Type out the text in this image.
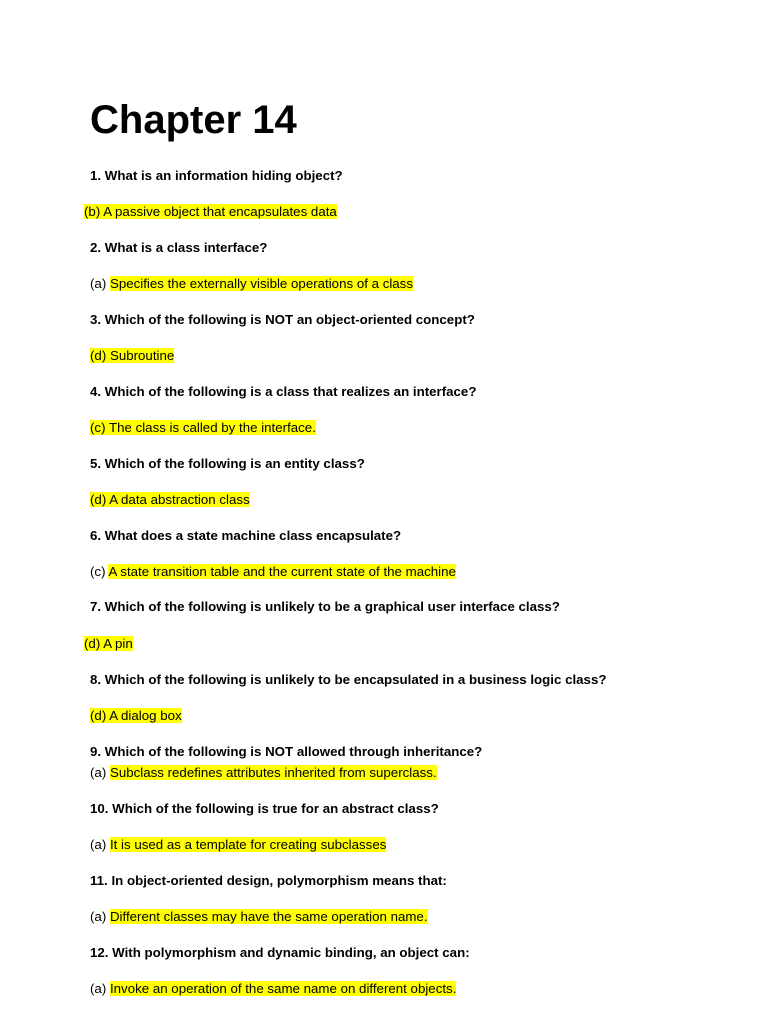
Chapter 14
1. What is an information hiding object?
(b) A passive object that encapsulates data
2. What is a class interface?
(a) Specifies the externally visible operations of a class
3. Which of the following is NOT an object-oriented concept?
(d) Subroutine
4. Which of the following is a class that realizes an interface?
(c) The class is called by the interface.
5. Which of the following is an entity class?
(d) A data abstraction class
6. What does a state machine class encapsulate?
(c) A state transition table and the current state of the machine
7. Which of the following is unlikely to be a graphical user interface class?
(d) A pin
8. Which of the following is unlikely to be encapsulated in a business logic class?
(d) A dialog box
9. Which of the following is NOT allowed through inheritance?
(a) Subclass redefines attributes inherited from superclass.
10. Which of the following is true for an abstract class?
(a) It is used as a template for creating subclasses
11. In object-oriented design, polymorphism means that:
(a) Different classes may have the same operation name.
12. With polymorphism and dynamic binding, an object can:
(a) Invoke an operation of the same name on different objects.
